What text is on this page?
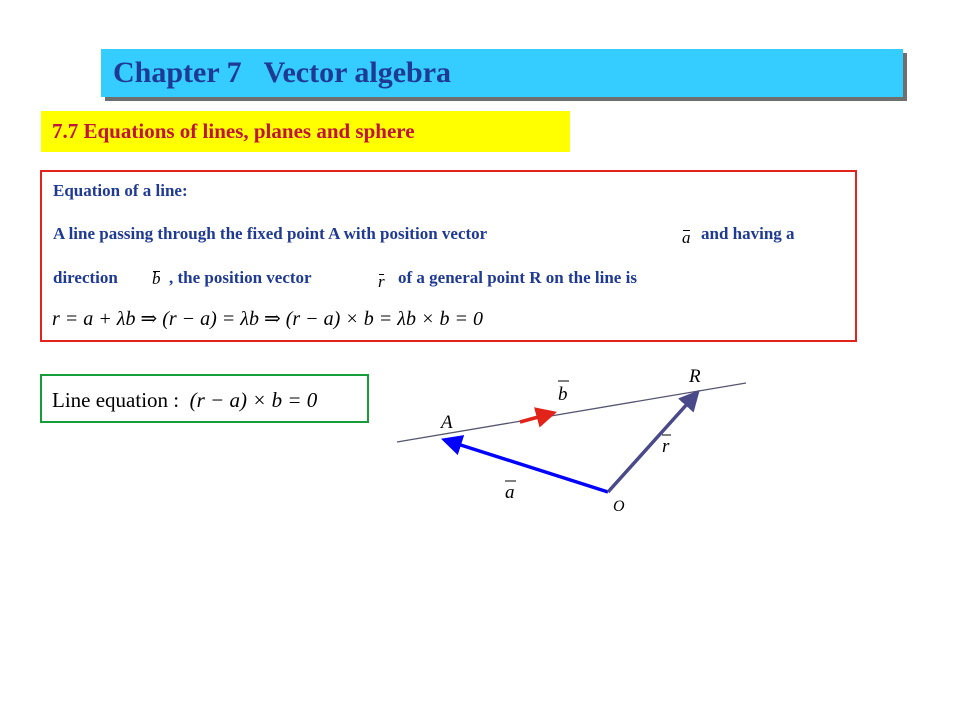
Chapter 7   Vector algebra
7.7 Equations of lines, planes and sphere
Equation of a line:
A line passing through the fixed point A with position vector	a and having a
direction b , the position vector	r of a general point R on the line is
r = a + λb ⇒ (r − a) = λb ⇒ (r − a) × b = λb × b = 0
Line equation : (r − a) × b = 0
R
A
O
b
r
a
